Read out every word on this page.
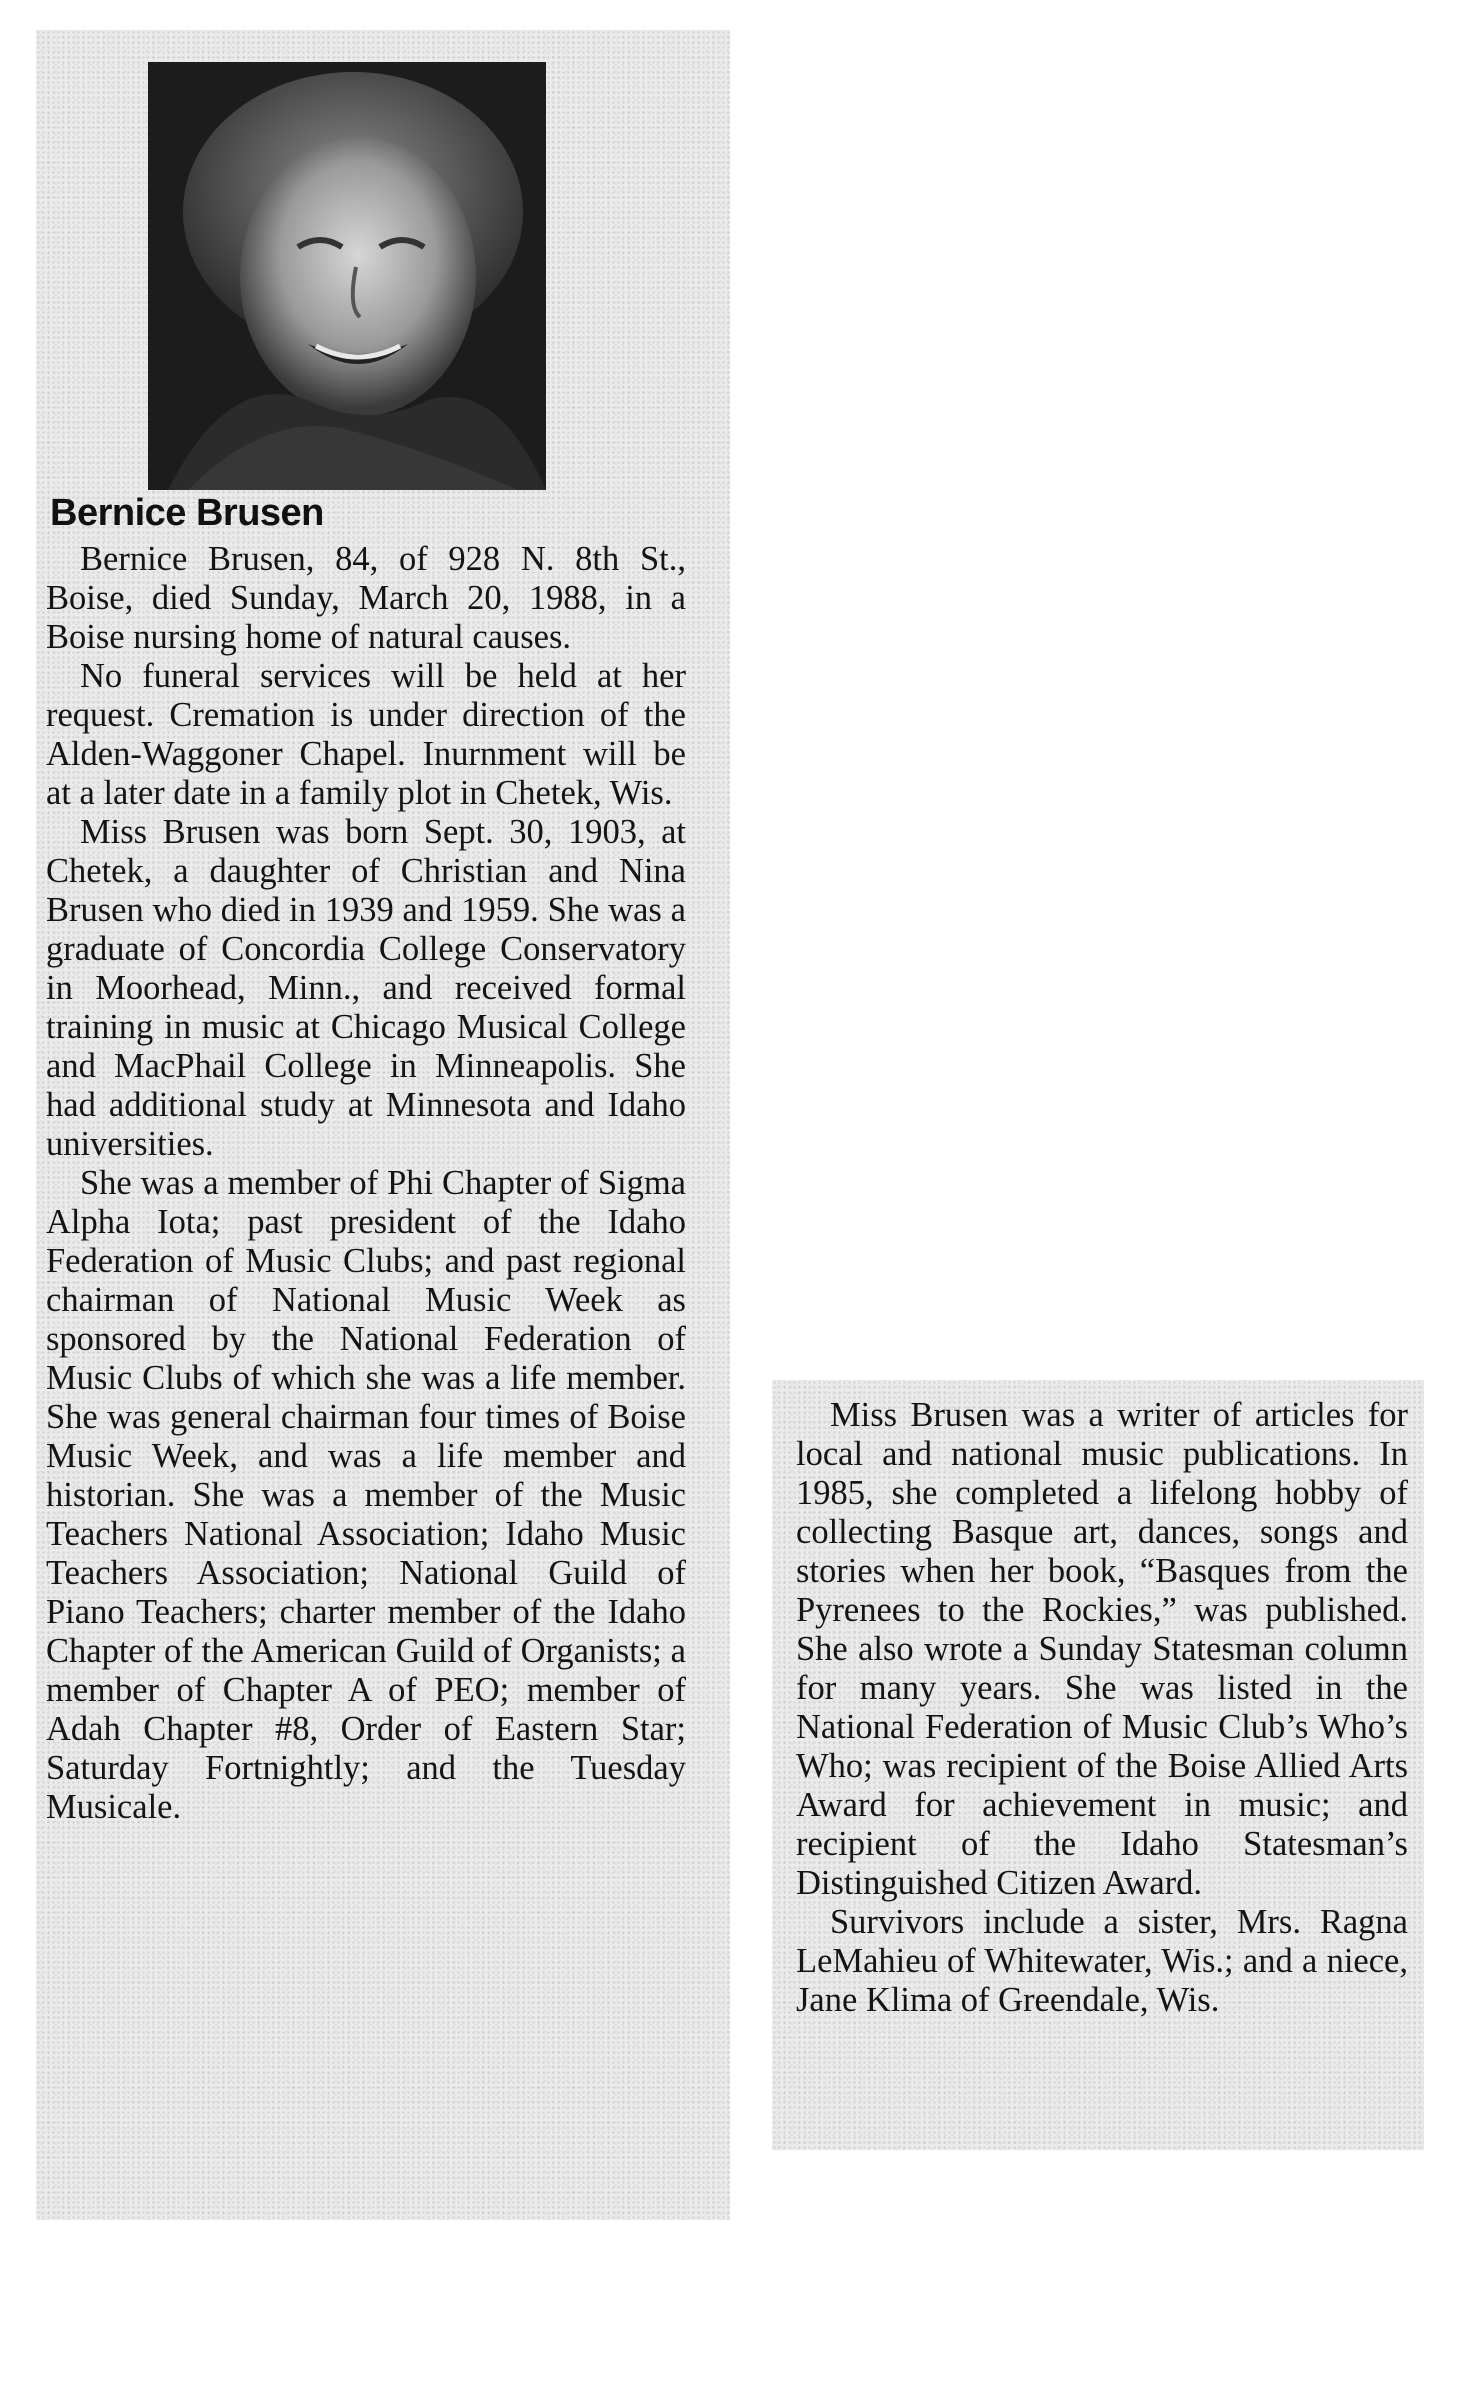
Bernice Brusen

Bernice Brusen, 84, of 928 N. 8th St., Boise, died Sunday, March 20, 1988, in a Boise nursing home of natural causes.

No funeral services will be held at her request. Cremation is under direction of the Alden-Waggoner Chapel. Inurnment will be at a later date in a family plot in Chetek, Wis.

Miss Brusen was born Sept. 30, 1903, at Chetek, a daughter of Christian and Nina Brusen who died in 1939 and 1959. She was a graduate of Concordia College Conservatory in Moorhead, Minn., and received formal training in music at Chicago Musical College and MacPhail College in Minneapolis. She had additional study at Minnesota and Idaho universities.

She was a member of Phi Chapter of Sigma Alpha Iota; past president of the Idaho Federation of Music Clubs; and past regional chairman of National Music Week as sponsored by the National Federation of Music Clubs of which she was a life member. She was general chairman four times of Boise Music Week, and was a life member and historian. She was a member of the Music Teachers National Association; Idaho Music Teachers Association; National Guild of Piano Teachers; charter member of the Idaho Chapter of the American Guild of Organists; a member of Chapter A of PEO; member of Adah Chapter #8, Order of Eastern Star; Saturday Fortnightly; and the Tuesday Musicale.

Miss Brusen was a writer of articles for local and national music publications. In 1985, she completed a lifelong hobby of collecting Basque art, dances, songs and stories when her book, “Basques from the Pyrenees to the Rockies,” was published. She also wrote a Sunday Statesman column for many years. She was listed in the National Federation of Music Club’s Who’s Who; was recipient of the Boise Allied Arts Award for achievement in music; and recipient of the Idaho Statesman’s Distinguished Citizen Award.

Survivors include a sister, Mrs. Ragna LeMahieu of Whitewater, Wis.; and a niece, Jane Klima of Greendale, Wis.
